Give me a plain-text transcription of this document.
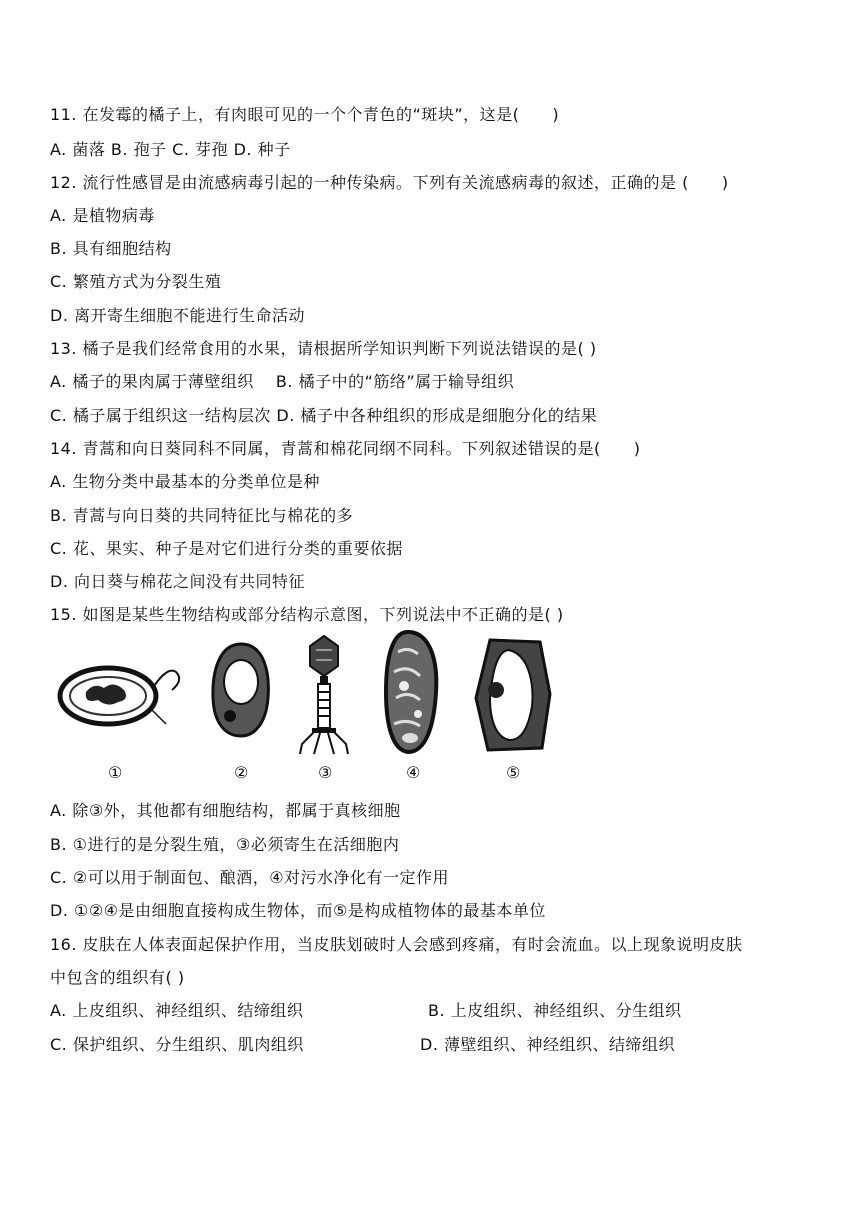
11. 在发霉的橘子上，有肉眼可见的一个个青色的“斑块”，这是(　　)
A. 菌落 B. 孢子 C. 芽孢 D. 种子
12. 流行性感冒是由流感病毒引起的一种传染病。下列有关流感病毒的叙述，正确的是 (　　)
A. 是植物病毒
B. 具有细胞结构
C. 繁殖方式为分裂生殖
D. 离开寄生细胞不能进行生命活动
13. 橘子是我们经常食用的水果，请根据所学知识判断下列说法错误的是( )
A. 橘子的果肉属于薄壁组织　 B. 橘子中的“筋络”属于输导组织
C. 橘子属于组织这一结构层次 D. 橘子中各种组织的形成是细胞分化的结果
14. 青蒿和向日葵同科不同属，青蒿和棉花同纲不同科。下列叙述错误的是(　　)
A. 生物分类中最基本的分类单位是种
B. 青蒿与向日葵的共同特征比与棉花的多
C. 花、果实、种子是对它们进行分类的重要依据
D. 向日葵与棉花之间没有共同特征
15. 如图是某些生物结构或部分结构示意图，下列说法中不正确的是( )
①	②	③	④	⑤
A. 除③外，其他都有细胞结构，都属于真核细胞
B. ①进行的是分裂生殖，③必须寄生在活细胞内
C. ②可以用于制面包、酿酒，④对污水净化有一定作用
D. ①②④是由细胞直接构成生物体，而⑤是构成植物体的最基本单位
16. 皮肤在人体表面起保护作用，当皮肤划破时人会感到疼痛，有时会流血。以上现象说明皮肤
中包含的组织有( )
A. 上皮组织、神经组织、结缔组织	B. 上皮组织、神经组织、分生组织
C. 保护组织、分生组织、肌肉组织	D. 薄壁组织、神经组织、结缔组织
